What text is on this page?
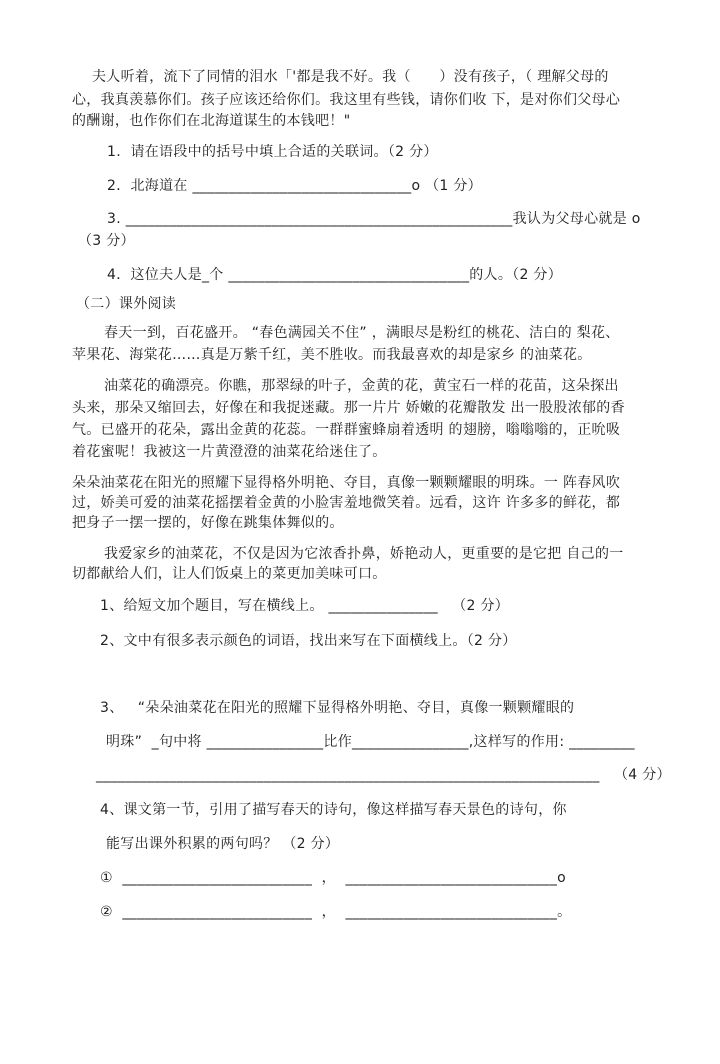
夫人听着，流下了同情的泪水「'都是我不好。我（　　）没有孩子，（ 理解父母的
心，我真羡慕你们。孩子应该还给你们。我这里有些钱，请你们收 下，是对你们父母心
的酬谢，也作你们在北海道谋生的本钱吧！"
1.  请在语段中的括号中填上合适的关联词。（2 分）
2．北海道在 ______________________________o （1 分）
3. _____________________________________________________我认为父母心就是 o
（3 分）
4．这位夫人是_个 _________________________________的人。（2 分）
（二）课外阅读
春天一到，百花盛开。 “春色满园关不住” ，满眼尽是粉红的桃花、洁白的 梨花、
苹果花、海棠花……真是万紫千红，美不胜收。而我最喜欢的却是家乡 的油菜花。
油菜花的确漂亮。你瞧，那翠绿的叶子，金黄的花，黄宝石一样的花苗，这朵探出
头来，那朵又缩回去，好像在和我捉迷藏。那一片片 娇嫩的花瓣散发 出一股股浓郁的香
气。已盛开的花朵，露出金黄的花蕊。一群群蜜蜂扇着透明 的翅膀，嗡嗡嗡的，正吮吸
着花蜜呢！我被这一片黄澄澄的油菜花给迷住了。
朵朵油菜花在阳光的照耀下显得格外明艳、夺目，真像一颗颗耀眼的明珠。一 阵春风吹
过，娇美可爱的油菜花摇摆着金黄的小脸害羞地微笑着。远看，这许 许多多的鲜花，都
把身子一摆一摆的，好像在跳集体舞似的。
我爱家乡的油菜花，不仅是因为它浓香扑鼻，娇艳动人，更重要的是它把 自己的一
切都献给人们，让人们饭桌上的菜更加美味可口。
1、给短文加个题目，写在横线上。 _______________   （2 分）
2、文中有很多表示颜色的词语，找出来写在下面横线上。（2 分）
3、   “朵朵油菜花在阳光的照耀下显得格外明艳、夺目，真像一颗颗耀眼的
明珠”  _句中将 ________________比作________________,这样写的作用: _________
_____________________________________________________________________   （4 分）
4、课文第一节，引用了描写春天的诗句，像这样描写春天景色的诗句，你
能写出课外积累的两句吗？ （2 分）
①  __________________________  ，  _____________________________o
②  __________________________  ，  _____________________________。
